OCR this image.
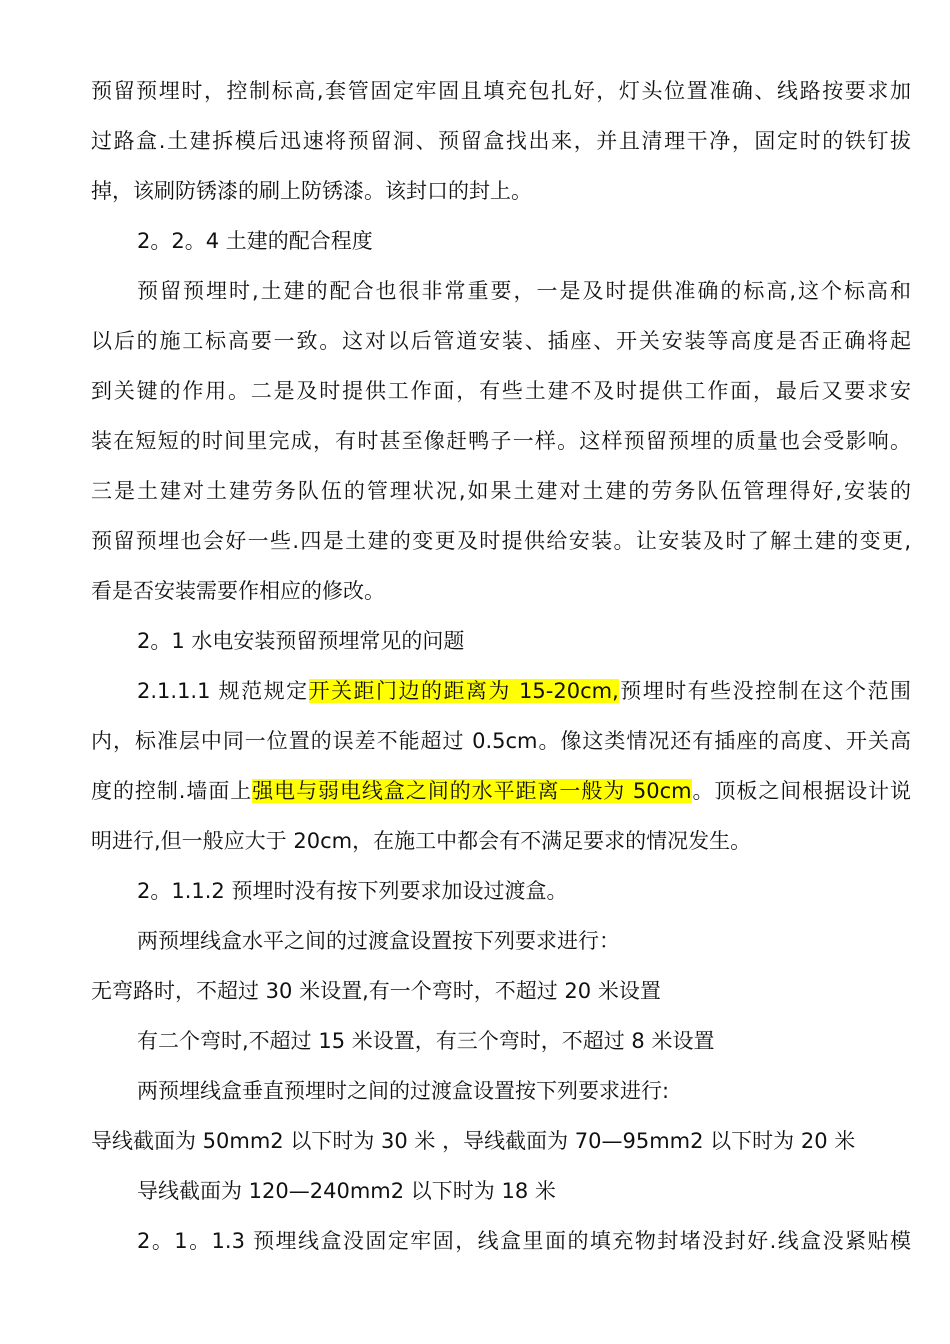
预留预埋时，控制标高,套管固定牢固且填充包扎好，灯头位置准确、线路按要求加
过路盒.土建拆模后迅速将预留洞、预留盒找出来，并且清理干净，固定时的铁钉拔
掉，该刷防锈漆的刷上防锈漆。该封口的封上。
2。2。4 土建的配合程度
预留预埋时,土建的配合也很非常重要，一是及时提供准确的标高,这个标高和
以后的施工标高要一致。这对以后管道安装、插座、开关安装等高度是否正确将起
到关键的作用。二是及时提供工作面，有些土建不及时提供工作面，最后又要求安
装在短短的时间里完成，有时甚至像赶鸭子一样。这样预留预埋的质量也会受影响。
三是土建对土建劳务队伍的管理状况,如果土建对土建的劳务队伍管理得好,安装的
预留预埋也会好一些.四是土建的变更及时提供给安装。让安装及时了解土建的变更,
看是否安装需要作相应的修改。
2。1 水电安装预留预埋常见的问题
2.1.1.1 规范规定开关距门边的距离为 15-20cm,预埋时有些没控制在这个范围
内，标准层中同一位置的误差不能超过 0.5cm。像这类情况还有插座的高度、开关高
度的控制.墙面上强电与弱电线盒之间的水平距离一般为 50cm。顶板之间根据设计说
明进行,但一般应大于 20cm，在施工中都会有不满足要求的情况发生。
2。1.1.2 预埋时没有按下列要求加设过渡盒。
两预埋线盒水平之间的过渡盒设置按下列要求进行：
无弯路时，不超过 30 米设置,有一个弯时，不超过 20 米设置
有二个弯时,不超过 15 米设置，有三个弯时，不超过 8 米设置
两预埋线盒垂直预埋时之间的过渡盒设置按下列要求进行:
导线截面为 50mm2 以下时为 30 米 ，导线截面为 70—95mm2 以下时为 20 米
导线截面为 120—240mm2 以下时为 18 米
2。1。1.3 预埋线盒没固定牢固，线盒里面的填充物封堵没封好.线盒没紧贴模
